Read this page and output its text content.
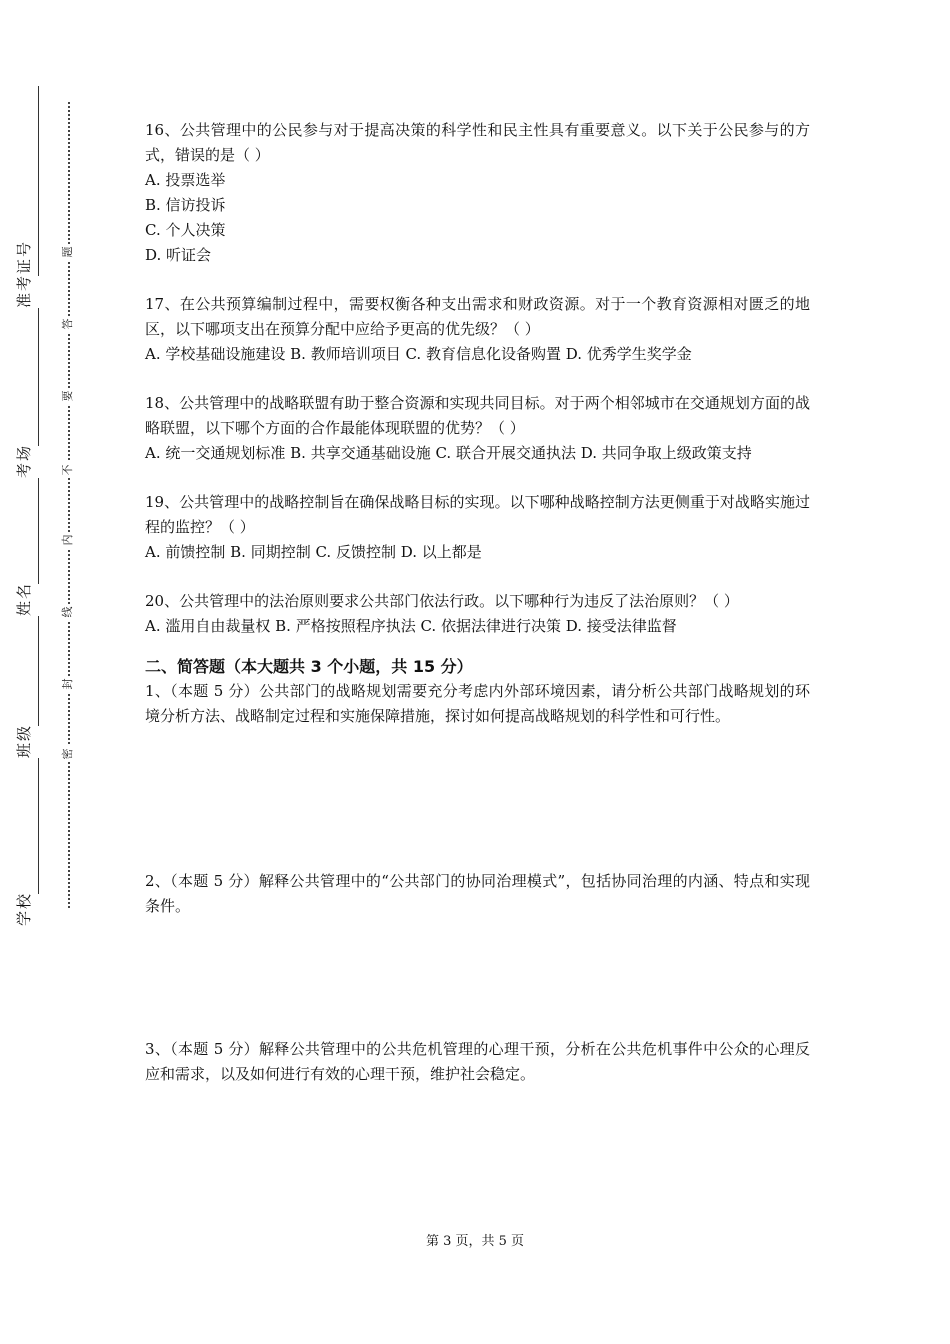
准考证号
考场
姓名
班级
学校
题
答
要
不
内
线
封
密

16、公共管理中的公民参与对于提高决策的科学性和民主性具有重要意义。以下关于公民参与的方式，错误的是（ ）

A. 投票选举

B. 信访投诉

C. 个人决策

D. 听证会

17、在公共预算编制过程中，需要权衡各种支出需求和财政资源。对于一个教育资源相对匮乏的地区，以下哪项支出在预算分配中应给予更高的优先级？（ ）

A. 学校基础设施建设 B. 教师培训项目 C. 教育信息化设备购置 D. 优秀学生奖学金

18、公共管理中的战略联盟有助于整合资源和实现共同目标。对于两个相邻城市在交通规划方面的战略联盟，以下哪个方面的合作最能体现联盟的优势？（ ）

A. 统一交通规划标准 B. 共享交通基础设施 C. 联合开展交通执法 D. 共同争取上级政策支持

19、公共管理中的战略控制旨在确保战略目标的实现。以下哪种战略控制方法更侧重于对战略实施过程的监控？（ ）

A. 前馈控制 B. 同期控制 C. 反馈控制 D. 以上都是

20、公共管理中的法治原则要求公共部门依法行政。以下哪种行为违反了法治原则？（ ）

A. 滥用自由裁量权 B. 严格按照程序执法 C. 依据法律进行决策 D. 接受法律监督

二、简答题（本大题共 3 个小题，共 15 分）

1、（本题 5 分）公共部门的战略规划需要充分考虑内外部环境因素，请分析公共部门战略规划的环境分析方法、战略制定过程和实施保障措施，探讨如何提高战略规划的科学性和可行性。

2、（本题 5 分）解释公共管理中的“公共部门的协同治理模式”，包括协同治理的内涵、特点和实现条件。

3、（本题 5 分）解释公共管理中的公共危机管理的心理干预，分析在公共危机事件中公众的心理反应和需求，以及如何进行有效的心理干预，维护社会稳定。

第 3 页，共 5 页
